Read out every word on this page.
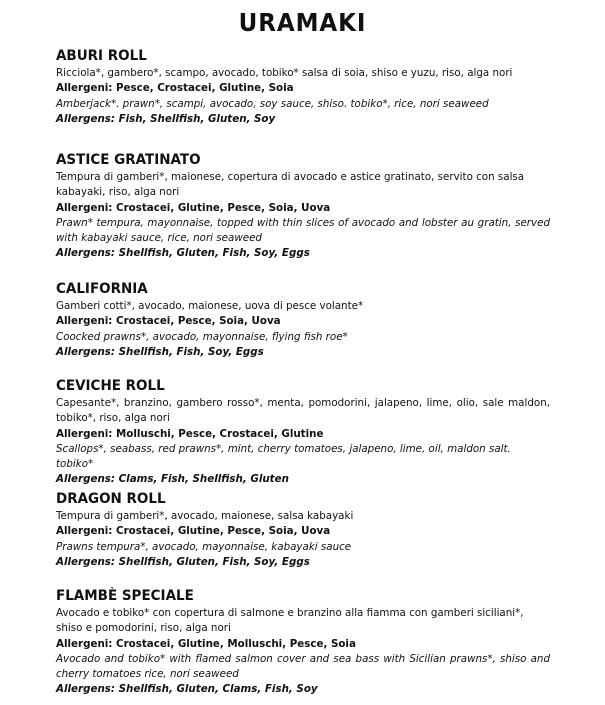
URAMAKI
ABURI ROLL
Ricciola*, gambero*, scampo, avocado, tobiko* salsa di soia, shiso e yuzu, riso, alga nori
Allergeni: Pesce, Crostacei, Glutine, Soia
Amberjack*. prawn*, scampi, avocado, soy sauce, shiso. tobiko*, rice, nori seaweed
Allergens: Fish, Shellfish, Gluten, Soy
ASTICE GRATINATO
Tempura di gamberi*, maionese, copertura di avocado e astice gratinato, servito con salsa kabayaki, riso, alga nori
Allergeni: Crostacei, Glutine, Pesce, Soia, Uova
Prawn* tempura, mayonnaise, topped with thin slices of avocado and lobster au gratin, served with kabayaki sauce, rice, nori seaweed
Allergens: Shellfish, Gluten, Fish, Soy, Eggs
CALIFORNIA
Gamberi cotti*, avocado, maionese, uova di pesce volante*
Allergeni: Crostacei, Pesce, Soia, Uova
Coocked prawns*, avocado, mayonnaise, flying fish roe*
Allergens: Shellfish, Fish, Soy, Eggs
CEVICHE ROLL
Capesante*, branzino, gambero rosso*, menta, pomodorini, jalapeno, lime, olio, sale maldon, tobiko*, riso, alga nori
Allergeni: Molluschi, Pesce, Crostacei, Glutine
Scallops*, seabass, red prawns*, mint, cherry tomatoes, jalapeno, lime, oil, maldon salt. tobiko*
Allergens: Clams, Fish, Shellfish, Gluten
DRAGON ROLL
Tempura di gamberi*, avocado, maionese, salsa kabayaki
Allergeni: Crostacei, Glutine, Pesce, Soia, Uova
Prawns tempura*, avocado, mayonnaise, kabayaki sauce
Allergens: Shellfish, Gluten, Fish, Soy, Eggs
FLAMBÈ SPECIALE
Avocado e tobiko* con copertura di salmone e branzino alla fiamma con gamberi siciliani*, shiso e pomodorini, riso, alga nori
Allergeni: Crostacei, Glutine, Molluschi, Pesce, Soia
Avocado and tobiko* with flamed salmon cover and sea bass with Sicilian prawns*, shiso and cherry tomatoes rice, nori seaweed
Allergens: Shellfish, Gluten, Clams, Fish, Soy
